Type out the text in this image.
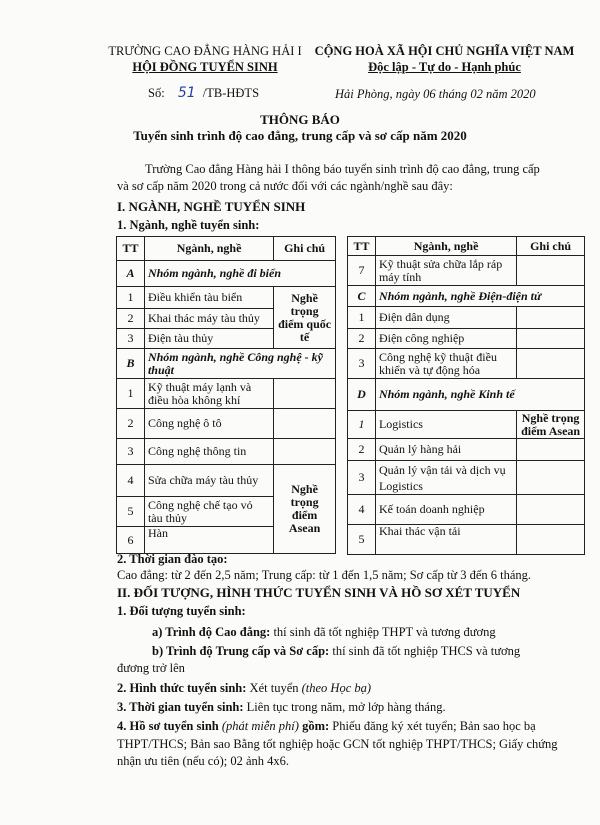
TRƯỜNG CAO ĐẲNG HÀNG HẢI I
HỘI ĐỒNG TUYỂN SINH
CỘNG HOÀ XÃ HỘI CHỦ NGHĨA VIỆT NAM
Độc lập - Tự do - Hạnh phúc
Số: 51 /TB-HĐTS	Hải Phòng, ngày 06 tháng 02 năm 2020
THÔNG BÁO
Tuyển sinh trình độ cao đẳng, trung cấp và sơ cấp năm 2020

Trường Cao đẳng Hàng hải I thông báo tuyển sinh trình độ cao đẳng, trung cấp

và sơ cấp năm 2020 trong cả nước đối với các ngành/nghề sau đây:

I. NGÀNH, NGHỀ TUYỂN SINH
1. Ngành, nghề tuyển sinh:
TT	Ngành, nghề	Ghi chú
A	Nhóm ngành, nghề đi biển	
1	Điều khiển tàu biển	Nghề trọng điểm quốc tế
2	Khai thác máy tàu thủy	
3	Điện tàu thủy	
B	Nhóm ngành, nghề Công nghệ - kỹ thuật	
1	Kỹ thuật máy lạnh và điều hòa không khí	
2	Công nghệ ô tô	
3	Công nghệ thông tin	
4	Sửa chữa máy tàu thủy	Nghề trọng điểm Asean
5	Công nghệ chế tạo vỏ tàu thủy	
6	Hàn	
TT	Ngành, nghề	Ghi chú
7	Kỹ thuật sửa chữa lắp ráp máy tính	
C	Nhóm ngành, nghề Điện-điện tử	
1	Điện dân dụng	
2	Điện công nghiệp	
3	Công nghệ kỹ thuật điều khiển và tự động hóa	
D	Nhóm ngành, nghề Kinh tế	
1	Logistics	Nghề trọng điểm Asean
2	Quản lý hàng hải	
3	Quản lý vận tải và dịch vụ Logistics	
4	Kế toán doanh nghiệp	
5	Khai thác vận tải	
2. Thời gian đào tạo:

Cao đẳng: từ 2 đến 2,5 năm; Trung cấp: từ 1 đến 1,5 năm; Sơ cấp từ 3 đến 6 tháng.

II. ĐỐI TƯỢNG, HÌNH THỨC TUYỂN SINH VÀ HỒ SƠ XÉT TUYỂN
1. Đối tượng tuyển sinh:

a) Trình độ Cao đẳng: thí sinh đã tốt nghiệp THPT và tương đương

b) Trình độ Trung cấp và Sơ cấp: thí sinh đã tốt nghiệp THCS và tương

đương trở lên

2. Hình thức tuyển sinh: Xét tuyển (theo Học bạ)

3. Thời gian tuyển sinh: Liên tục trong năm, mở lớp hàng tháng.

4. Hồ sơ tuyển sinh (phát miễn phí) gồm: Phiếu đăng ký xét tuyển; Bản sao học bạ

THPT/THCS; Bản sao Bằng tốt nghiệp hoặc GCN tốt nghiệp THPT/THCS; Giấy chứng

nhận ưu tiên (nếu có); 02 ảnh 4x6.
